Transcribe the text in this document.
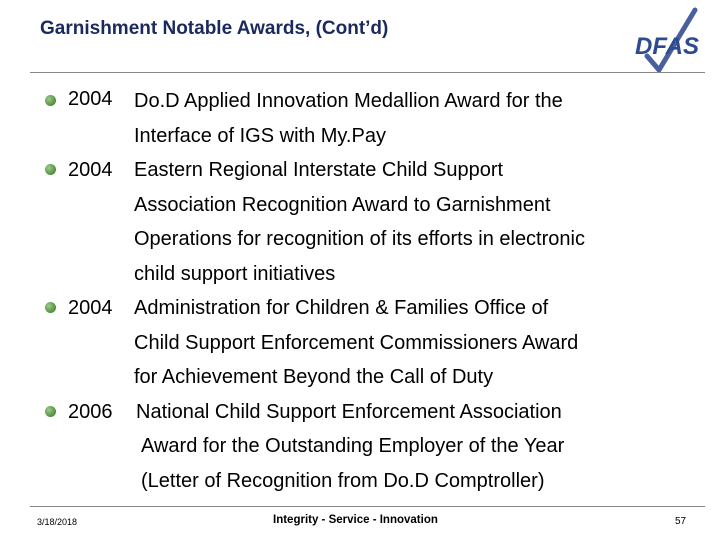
Garnishment Notable Awards, (Cont’d)
DFAS
2004 Do.D Applied Innovation Medallion Award for the
Interface of IGS with My.Pay
2004 Eastern Regional Interstate Child Support
Association Recognition Award to Garnishment
Operations for recognition of its efforts in electronic
child support initiatives
2004 Administration for Children & Families Office of
Child Support Enforcement Commissioners Award
for Achievement Beyond the Call of Duty
2006 National Child Support Enforcement Association
Award for the Outstanding Employer of the Year
(Letter of Recognition from Do.D Comptroller)
3/18/2018	Integrity - Service - Innovation	57
